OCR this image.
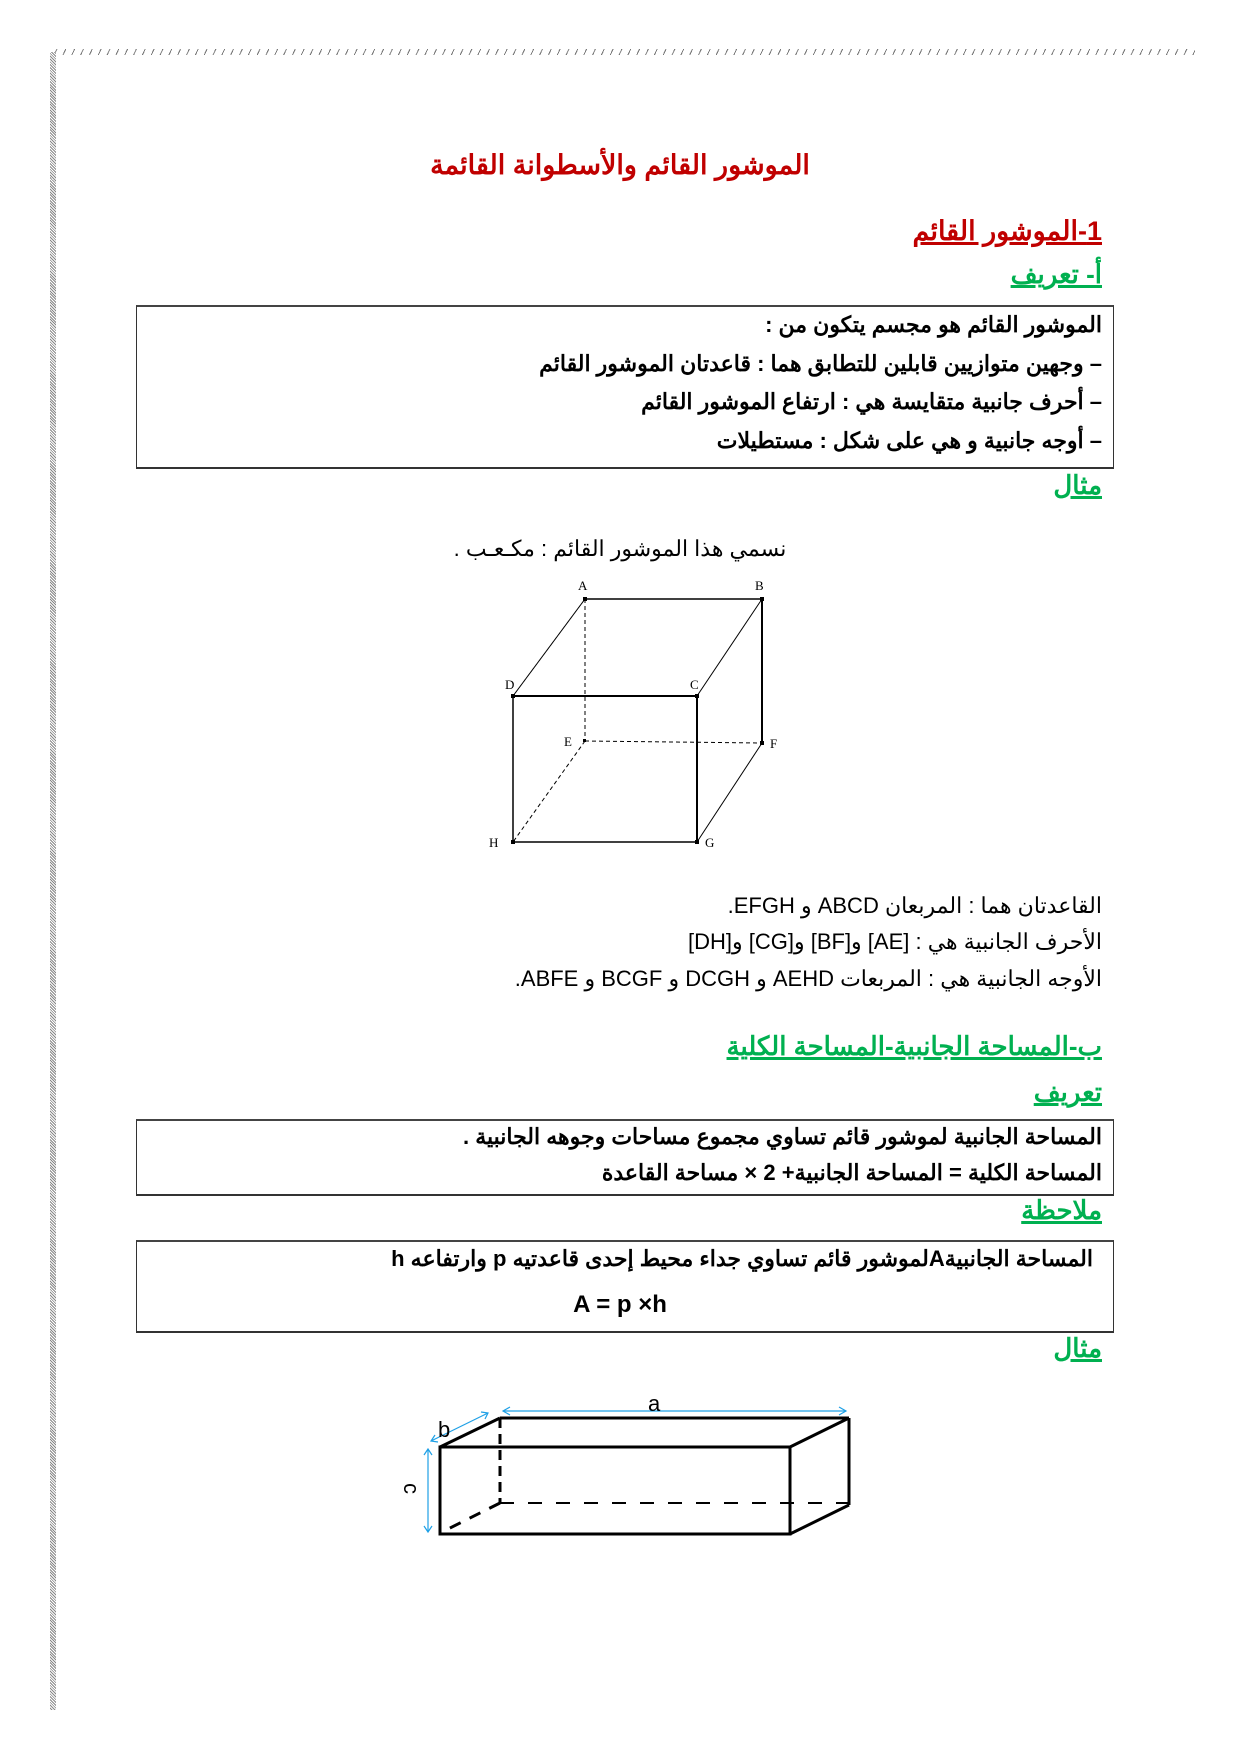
الموشور القائم والأسطوانة القائمة
1-الموشور القائم
أ- تعريف
الموشور القائم هو مجسم يتكون من :
– وجهين متوازيين قابلين للتطابق هما : قاعدتان الموشور القائم
– أحرف جانبية متقايسة هي : ارتفاع الموشور القائم
– أوجه جانبية و هي على شكل : مستطيلات
مثال
نسمي هذا الموشور القائم : مكـعـب .
A	B
D	C
E	F
H	G
a
b
c
القاعدتان هما : المربعان ABCD و EFGH.
الأحرف الجانبية هي : [AE] و[BF] و[CG] و[DH]
الأوجه الجانبية هي : المربعات AEHD و DCGH و BCGF و ABFE.
ب-المساحة الجانبية-المساحة الكلية
تعريف
المساحة الجانبية لموشور قائم تساوي مجموع مساحات وجوهه الجانبية .
المساحة الكلية = المساحة الجانبية+ 2 × مساحة القاعدة
ملاحظة
المساحة الجانبيةAلموشور قائم تساوي جداء محيط إحدى قاعدتيه p وارتفاعه h
A = p ×h
مثال
